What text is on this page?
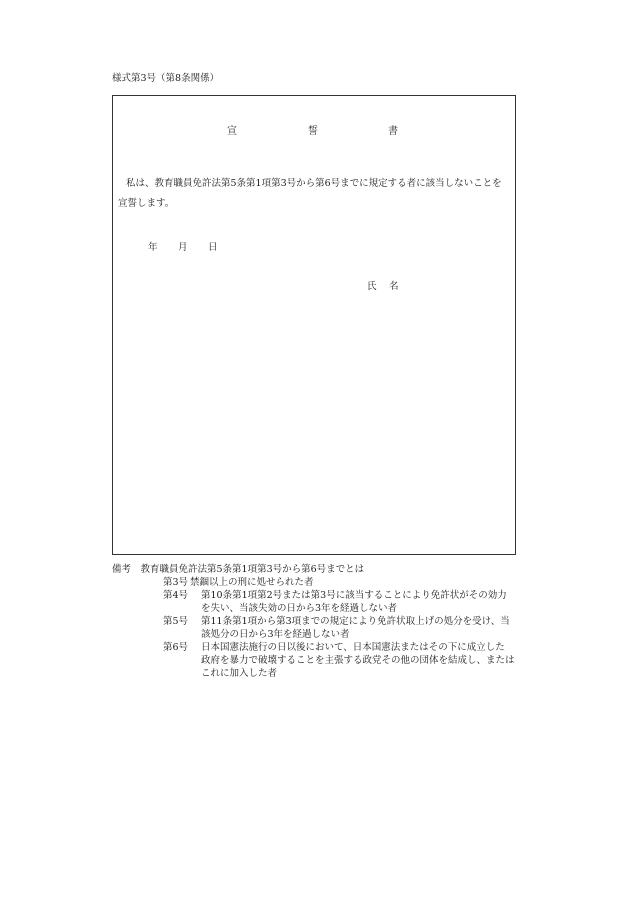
様式第3号（第8条関係）
宣	誓	書
私は、教育職員免許法第5条第1項第3号から第6号までに規定する者に該当しないことを
宣誓します。
年 月 日
氏 名
備考　教育職員免許法第5条第1項第3号から第6号までとは
第3号 禁錮以上の刑に処せられた者
第4号	第10条第1項第2号または第3号に該当することにより免許状がその効力
を失い、当該失効の日から3年を経過しない者
第5号	第11条第1項から第3項までの規定により免許状取上げの処分を受け、当
該処分の日から3年を経過しない者
第6号	日本国憲法施行の日以後において、日本国憲法またはその下に成立した
政府を暴力で破壊することを主張する政党その他の団体を結成し、または
これに加入した者
